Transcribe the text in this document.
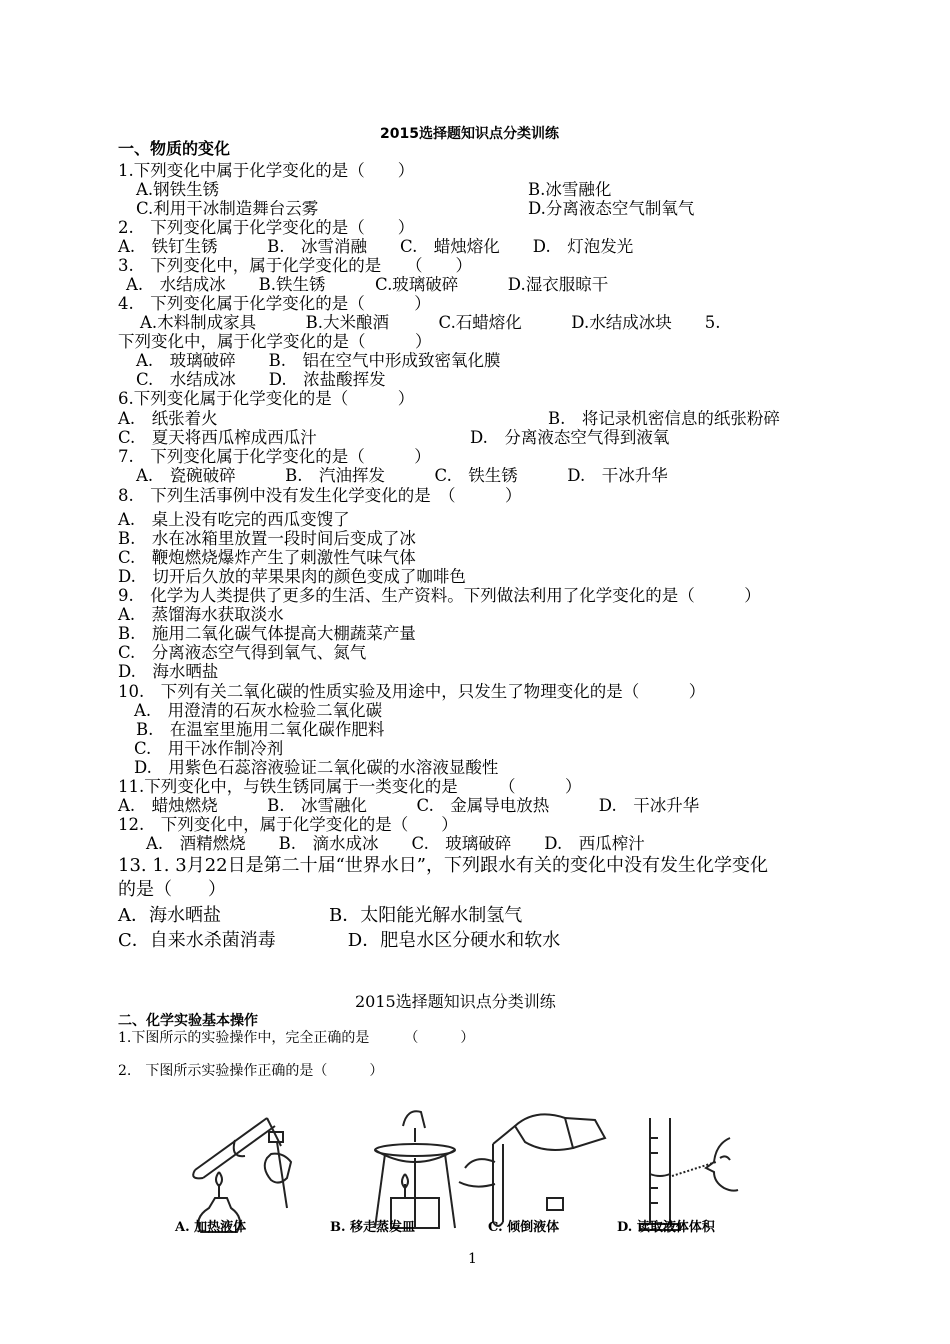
2015选择题知识点分类训练
一、物质的变化
1.下列变化中属于化学变化的是（　　）
A.钢铁生锈	B.冰雪融化
C.利用干冰制造舞台云雾	D.分离液态空气制氧气
2.　下列变化属于化学变化的是（　　）
A.　铁钉生锈　　　B.　冰雪消融　　C.　蜡烛熔化　　D.　灯泡发光
3.　下列变化中，属于化学变化的是　　（　　）
A.　水结成冰　　B.铁生锈　　　C.玻璃破碎　　　D.湿衣服晾干
4.　下列变化属于化学变化的是（　　　）
A.木料制成家具　　　B.大米酿酒　　　C.石蜡熔化　　　D.水结成冰块　　5.
下列变化中，属于化学变化的是（　　　）
A.　玻璃破碎　　B.　铝在空气中形成致密氧化膜
C.　水结成冰　　D.　浓盐酸挥发
6.下列变化属于化学变化的是（　　　）
A.　纸张着火	B.　将记录机密信息的纸张粉碎
C.　夏天将西瓜榨成西瓜汁	D.　分离液态空气得到液氧
7.　下列变化属于化学变化的是（　　　）
A.　瓷碗破碎　　　B.　汽油挥发　　　C.　铁生锈　　　D.　干冰升华
8.　下列生活事例中没有发生化学变化的是　（　　　）
A.　桌上没有吃完的西瓜变馊了
B.　水在冰箱里放置一段时间后变成了冰
C.　鞭炮燃烧爆炸产生了刺激性气味气体
D.　切开后久放的苹果果肉的颜色变成了咖啡色
9.　化学为人类提供了更多的生活、生产资料。下列做法利用了化学变化的是（　　　）
A.　蒸馏海水获取淡水
B.　施用二氧化碳气体提高大棚蔬菜产量
C.　分离液态空气得到氧气、氮气
D.　海水晒盐
10.　下列有关二氧化碳的性质实验及用途中，只发生了物理变化的是（　　　）
A.　用澄清的石灰水检验二氧化碳
B.　在温室里施用二氧化碳作肥料
C.　用干冰作制冷剂
D.　用紫色石蕊溶液验证二氧化碳的水溶液显酸性
11.下列变化中，与铁生锈同属于一类变化的是　　　（　　　）
A.　蜡烛燃烧　　　B.　冰雪融化　　　C.　金属导电放热　　　D.　干冰升华
12.　下列变化中，属于化学变化的是（　　）
A.　酒精燃烧　　B.　滴水成冰　　C.　玻璃破碎　　D.　西瓜榨汁
13. 1. 3月22日是第二十届“世界水日”，下列跟水有关的变化中没有发生化学变化
的是（　　）
A．海水晒盐　　　　　　B．太阳能光解水制氢气
C．自来水杀菌消毒　　　　D．肥皂水区分硬水和软水
2015选择题知识点分类训练
二、化学实验基本操作
1.下图所示的实验操作中，完全正确的是　　　（　　　）
2.　下图所示实验操作正确的是（　　　）
A. 加热液体	B. 移走蒸发皿	C. 倾倒液体	D. 读取液体体积
1
